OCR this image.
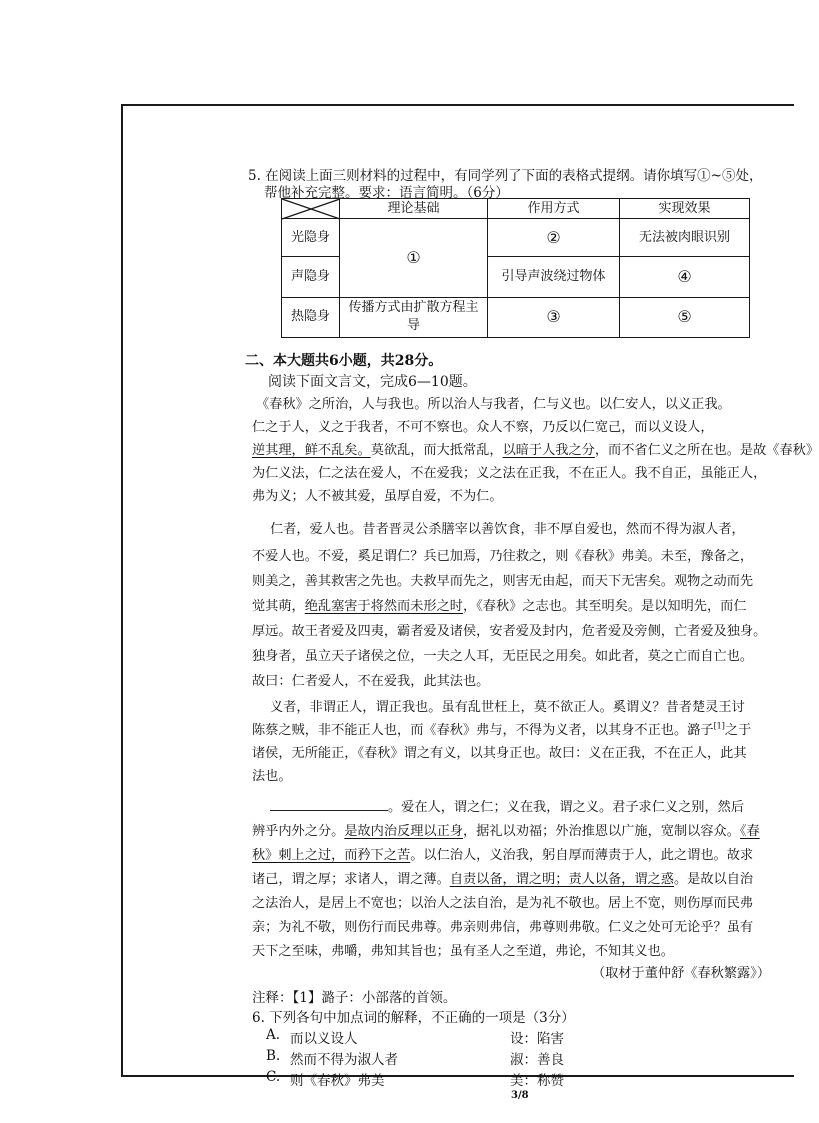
5. 在阅读上面三则材料的过程中，有同学列了下面的表格式提纲。请你填写①~⑤处，
帮他补充完整。要求：语言简明。（6分）
	理论基础	作用方式	实现效果
光隐身	①	②	无法被肉眼识别
声隐身		引导声波绕过物体	④
热隐身	传播方式由扩散方程主导	③	⑤
二、本大题共6小题，共28分。
阅读下面文言文，完成6—10题。
《春秋》之所治，人与我也。所以治人与我者，仁与义也。以仁安人，以义正我。
仁之于人，义之于我者，不可不察也。众人不察，乃反以仁宽己，而以义设人，
逆其理，鲜不乱矣。莫欲乱，而大抵常乱，以暗于人我之分，而不省仁义之所在也。是故《春秋》
为仁义法，仁之法在爱人，不在爱我；义之法在正我，不在正人。我不自正，虽能正人，
弗为义；人不被其爱，虽厚自爱，不为仁。
仁者，爱人也。昔者晋灵公杀膳宰以善饮食，非不厚自爱也，然而不得为淑人者，
不爱人也。不爱，奚足谓仁？兵已加焉，乃往救之，则《春秋》弗美。未至，豫备之，
则美之，善其救害之先也。夫救早而先之，则害无由起，而天下无害矣。观物之动而先
觉其萌，绝乱塞害于将然而未形之时，《春秋》之志也。其至明矣。是以知明先，而仁
厚远。故王者爱及四夷，霸者爱及诸侯，安者爱及封内，危者爱及旁侧，亡者爱及独身。
独身者，虽立天子诸侯之位，一夫之人耳，无臣民之用矣。如此者，莫之亡而自亡也。
故曰：仁者爱人，不在爱我，此其法也。
义者，非谓正人，谓正我也。虽有乱世枉上，莫不欲正人。奚谓义？昔者楚灵王讨
陈蔡之贼，非不能正人也，而《春秋》弗与，不得为义者，以其身不正也。潞子[1]之于
诸侯，无所能正，《春秋》谓之有义，以其身正也。故曰：义在正我，不在正人，此其
法也。
。爱在人，谓之仁；义在我，谓之义。君子求仁义之别，然后
辨乎内外之分。是故内治反理以正身，据礼以劝福；外治推恩以广施，宽制以容众。《春
秋》刺上之过，而矜下之苦。以仁治人，义治我，躬自厚而薄责于人，此之谓也。故求
诸己，谓之厚；求诸人，谓之薄。自责以备，谓之明；责人以备，谓之惑。是故以自治
之法治人，是居上不宽也；以治人之法自治，是为礼不敬也。居上不宽，则伤厚而民弗
亲；为礼不敬，则伤行而民弗尊。弗亲则弗信，弗尊则弗敬。仁义之处可无论乎？虽有
天下之至味，弗嚼，弗知其旨也；虽有圣人之至道，弗论，不知其义也。
（取材于董仲舒《春秋繁露》）
注释：【1】潞子：小部落的首领。
6. 下列各句中加点词的解释，不正确的一项是（3分）
A. 而以义设人	设：陷害
B. 然而不得为淑人者	淑：善良
C. 则《春秋》弗美	美：称赞
3/8
